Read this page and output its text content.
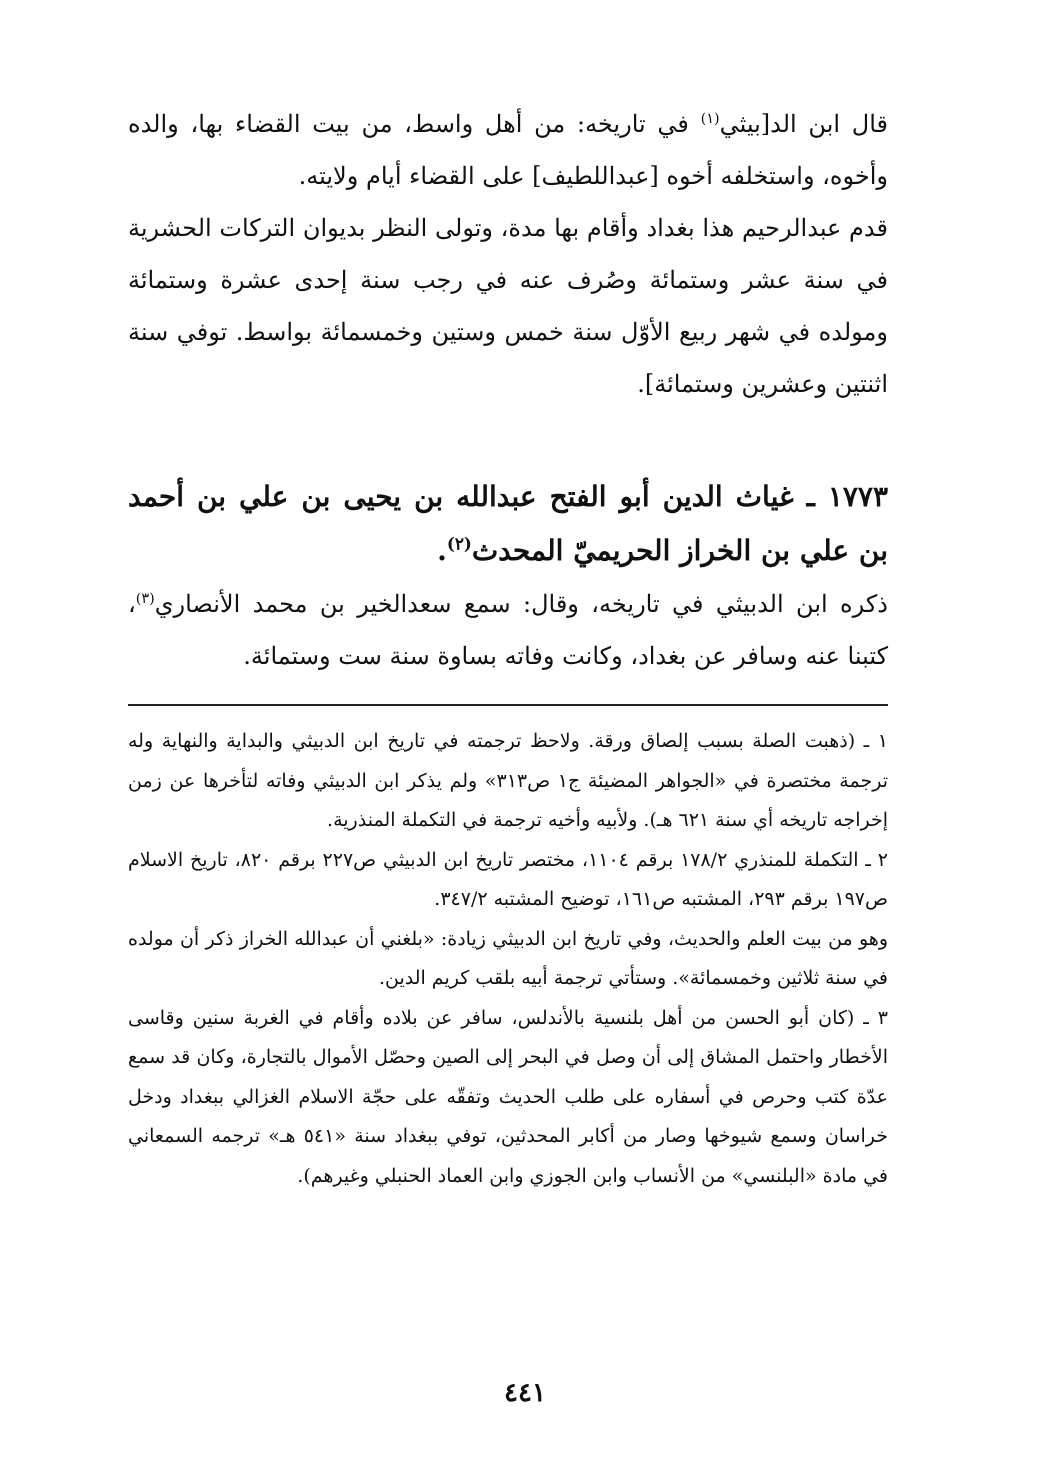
قال ابن الد[بيثي$^{(١)}$ في تاريخه: من أهل واسط، من بيت القضاء بها، والده وأخوه، واستخلفه أخوه [عبداللطيف] على القضاء أيام ولايته.

قدم عبدالرحيم هذا بغداد وأقام بها مدة، وتولى النظر بديوان التركات الحشرية في سنة عشر وستمائة وصُرف عنه في رجب سنة إحدى عشرة وستمائة ومولده في شهر ربيع الأوّل سنة خمس وستين وخمسمائة بواسط. توفي سنة اثنتين وعشرين وستمائة].

١٧٧٣ ـ غياث الدين أبو الفتح عبدالله بن يحيى بن علي بن أحمد بن علي بن الخراز الحريميّ المحدث$^{(٢)}$.

ذكره ابن الدبيثي في تاريخه، وقال: سمع سعدالخير بن محمد الأنصاري$^{(٣)}$، كتبنا عنه وسافر عن بغداد، وكانت وفاته بساوة سنة ست وستمائة.

١ ـ (ذهبت الصلة بسبب إلصاق ورقة. ولاحظ ترجمته في تاريخ ابن الدبيثي والبداية والنهاية وله ترجمة مختصرة في «الجواهر المضيئة ج١ ص٣١٣» ولم يذكر ابن الدبيثي وفاته لتأخرها عن زمن إخراجه تاريخه أي سنة ٦٢١ هـ). ولأبيه وأخيه ترجمة في التكملة المنذرية.

٢ ـ التكملة للمنذري ١٧٨/٢ برقم ١١٠٤، مختصر تاريخ ابن الدبيثي ص٢٢٧ برقم ٨٢٠، تاريخ الاسلام ص١٩٧ برقم ٢٩٣، المشتبه ص١٦١، توضيح المشتبه ٣٤٧/٢.

وهو من بيت العلم والحديث، وفي تاريخ ابن الدبيثي زيادة: «بلغني أن عبدالله الخراز ذكر أن مولده في سنة ثلاثين وخمسمائة». وستأتي ترجمة أبيه بلقب كريم الدين.

٣ ـ (كان أبو الحسن من أهل بلنسية بالأندلس، سافر عن بلاده وأقام في الغربة سنين وقاسى الأخطار واحتمل المشاق إلى أن وصل في البحر إلى الصين وحصّل الأموال بالتجارة، وكان قد سمع عدّة كتب وحرص في أسفاره على طلب الحديث وتفقّه على حجّة الاسلام الغزالي ببغداد ودخل خراسان وسمع شيوخها وصار من أكابر المحدثين، توفي ببغداد سنة «٥٤١ هـ» ترجمه السمعاني في مادة «البلنسي» من الأنساب وابن الجوزي وابن العماد الحنبلي وغيرهم).

٤٤١
